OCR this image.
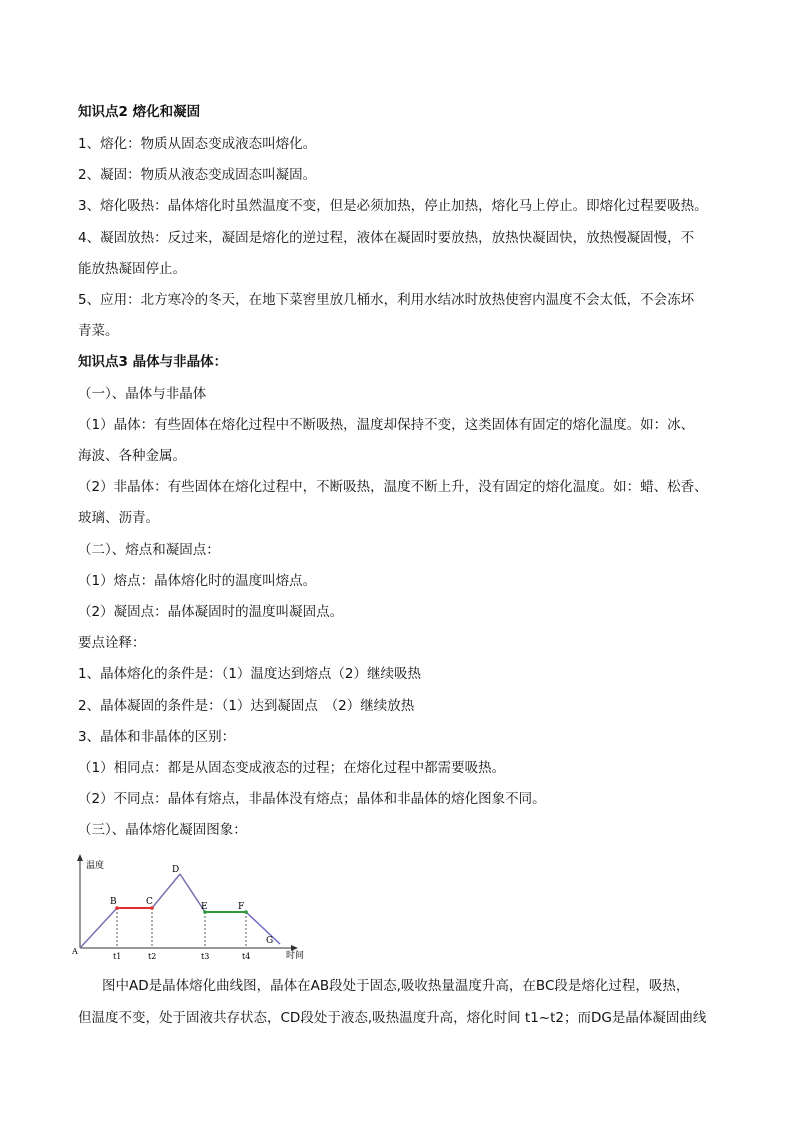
知识点2 熔化和凝固
1、熔化：物质从固态变成液态叫熔化。
2、凝固：物质从液态变成固态叫凝固。
3、熔化吸热：晶体熔化时虽然温度不变，但是必须加热，停止加热，熔化马上停止。即熔化过程要吸热。
4、凝固放热：反过来，凝固是熔化的逆过程，液体在凝固时要放热，放热快凝固快，放热慢凝固慢，不
能放热凝固停止。
5、应用：北方寒冷的冬天，在地下菜窖里放几桶水，利用水结冰时放热使窖内温度不会太低，不会冻坏
青菜。
知识点3 晶体与非晶体：
（一）、晶体与非晶体
（1）晶体：有些固体在熔化过程中不断吸热，温度却保持不变，这类固体有固定的熔化温度。如：冰、
海波、各种金属。
（2）非晶体：有些固体在熔化过程中，不断吸热，温度不断上升，没有固定的熔化温度。如：蜡、松香、
玻璃、沥青。
（二）、熔点和凝固点：
（1）熔点：晶体熔化时的温度叫熔点。
（2）凝固点：晶体凝固时的温度叫凝固点。
要点诠释：
1、晶体熔化的条件是：（1）温度达到熔点（2）继续吸热
2、晶体凝固的条件是：（1）达到凝固点　（2）继续放热
3、晶体和非晶体的区别：
（1）相同点：都是从固态变成液态的过程；在熔化过程中都需要吸热。
（2）不同点：晶体有熔点，非晶体没有熔点；晶体和非晶体的熔化图象不同。
（三）、晶体熔化凝固图象：
温度
时间
A
B	C
D
E	F
G
t1	t2	t3	t4
图中AD是晶体熔化曲线图，晶体在AB段处于固态,吸收热量温度升高，在BC段是熔化过程，吸热，
但温度不变，处于固液共存状态，CD段处于液态,吸热温度升高，熔化时间 t1~t2；而DG是晶体凝固曲线
